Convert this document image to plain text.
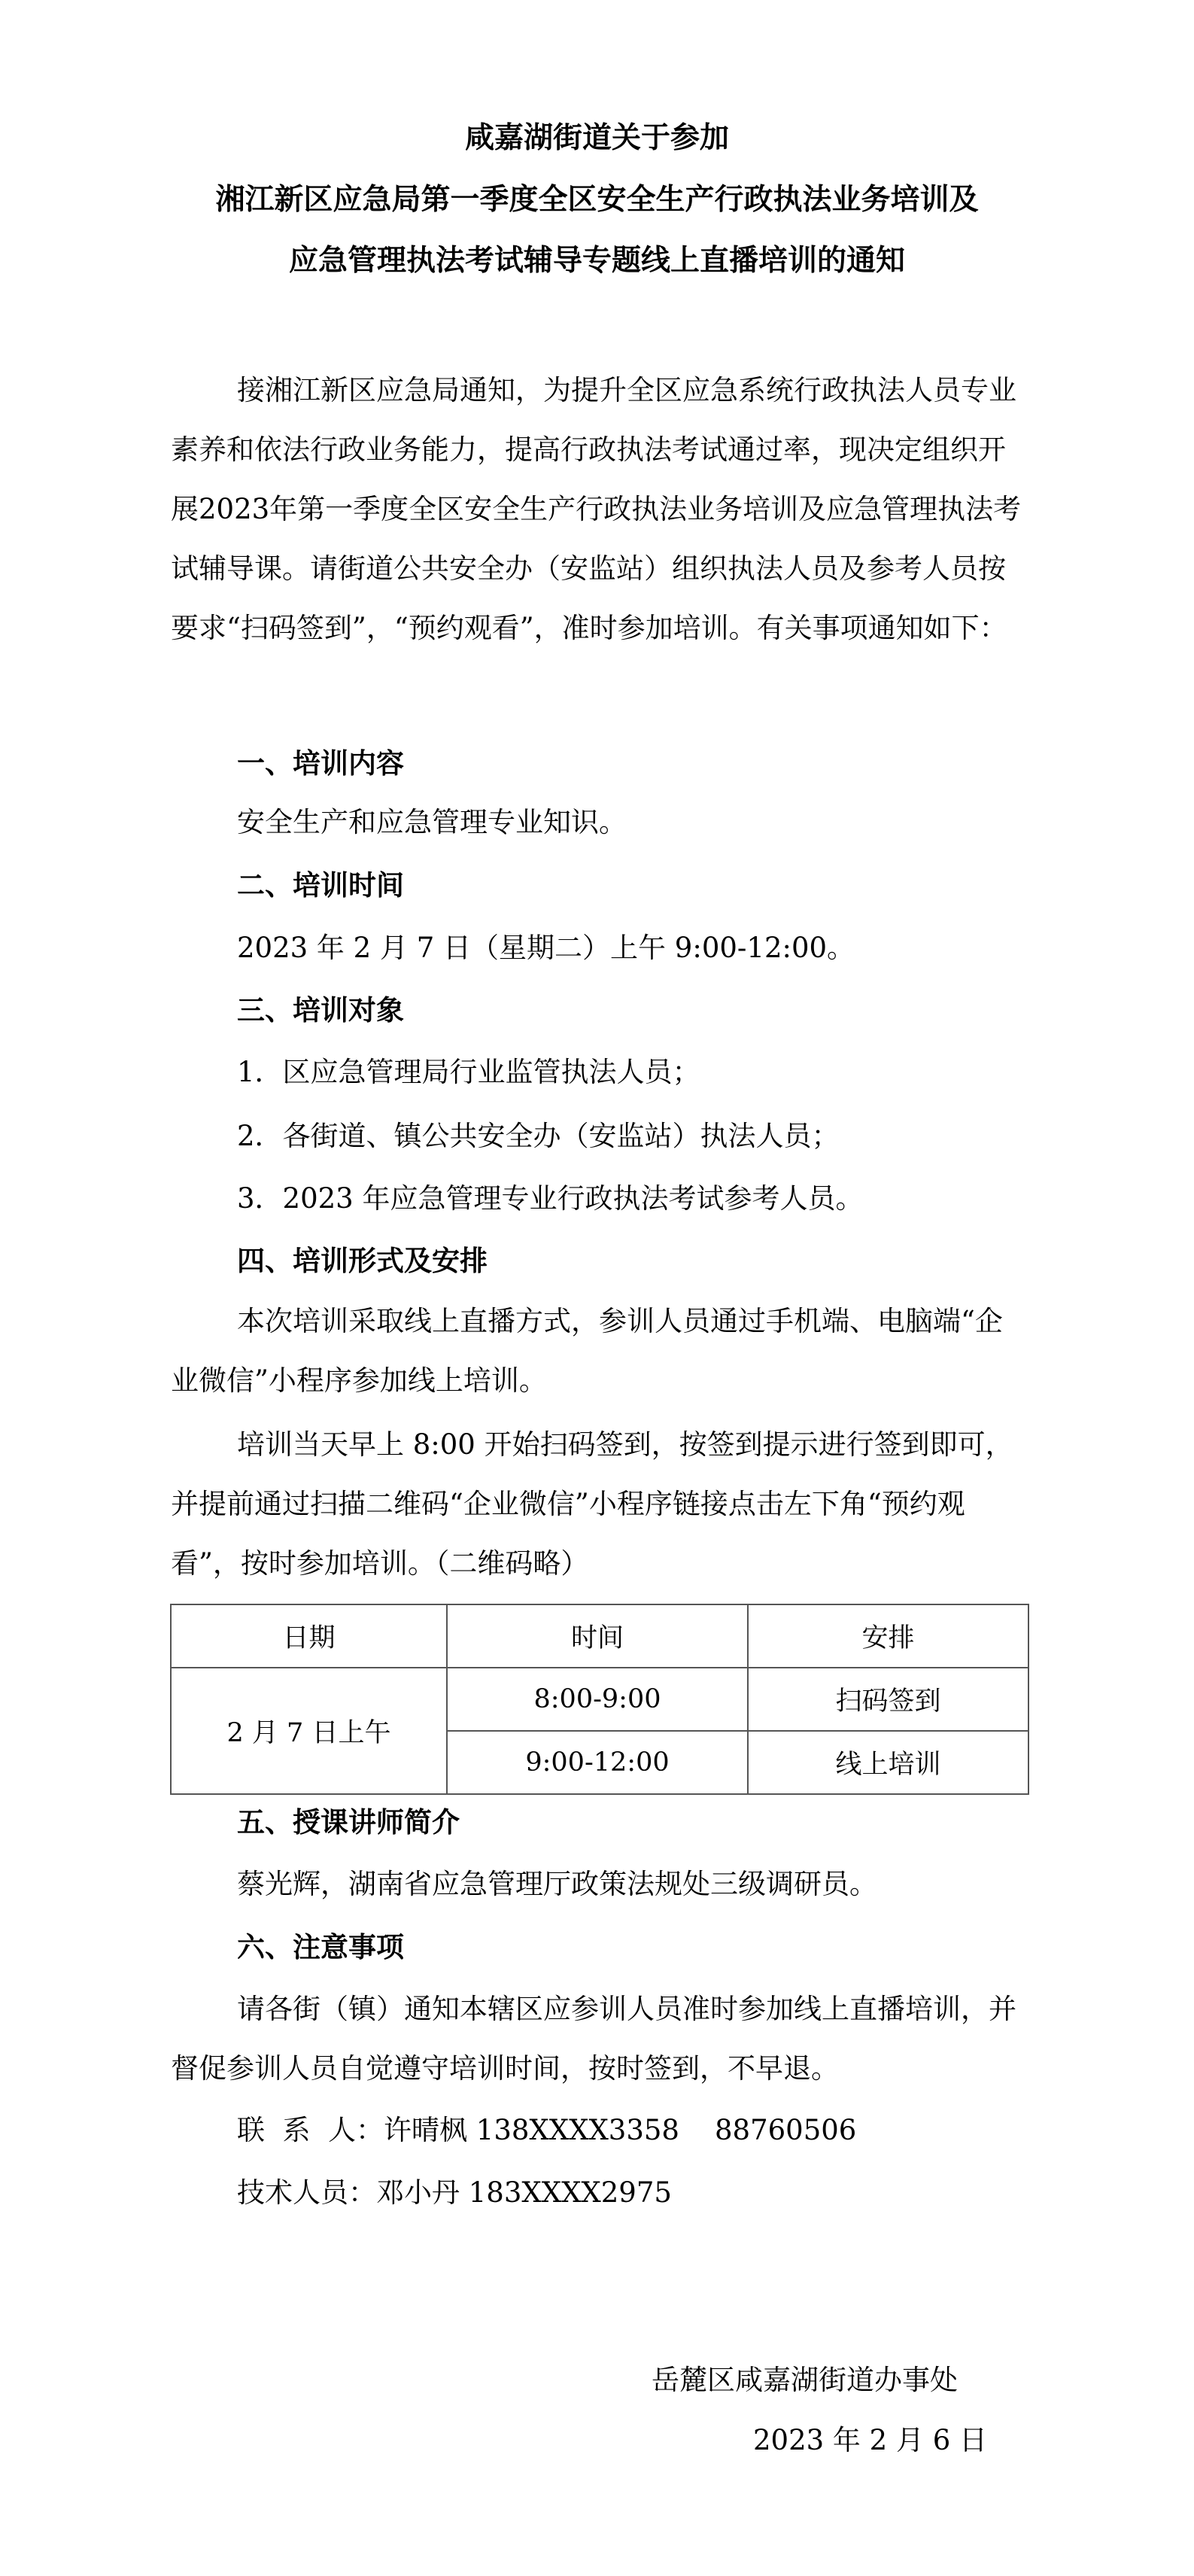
咸嘉湖街道关于参加
湘江新区应急局第一季度全区安全生产行政执法业务培训及
应急管理执法考试辅导专题线上直播培训的通知
接湘江新区应急局通知，为提升全区应急系统行政执法人员专业素养和依法行政业务能力，提高行政执法考试通过率，现决定组织开展2023年第一季度全区安全生产行政执法业务培训及应急管理执法考试辅导课。请街道公共安全办（安监站）组织执法人员及参考人员按要求“扫码签到”，“预约观看”，准时参加培训。有关事项通知如下：
一、培训内容
安全生产和应急管理专业知识。
二、培训时间
2023 年 2 月 7 日（星期二）上午 9:00-12:00。
三、培训对象
1．区应急管理局行业监管执法人员；
2．各街道、镇公共安全办（安监站）执法人员；
3．2023 年应急管理专业行政执法考试参考人员。
四、培训形式及安排
本次培训采取线上直播方式，参训人员通过手机端、电脑端“企业微信”小程序参加线上培训。
培训当天早上 8:00 开始扫码签到，按签到提示进行签到即可，并提前通过扫描二维码“企业微信”小程序链接点击左下角“预约观看”，按时参加培训。（二维码略）
日期	时间	安排
2 月 7 日上午	8:00-9:00	扫码签到
	9:00-12:00	线上培训
五、授课讲师简介
蔡光辉，湖南省应急管理厅政策法规处三级调研员。
六、注意事项
请各街（镇）通知本辖区应参训人员准时参加线上直播培训，并督促参训人员自觉遵守培训时间，按时签到，不早退。
联  系  人：许晴枫 138XXXX3358    88760506
技术人员：邓小丹 183XXXX2975
岳麓区咸嘉湖街道办事处
2023 年 2 月 6 日
